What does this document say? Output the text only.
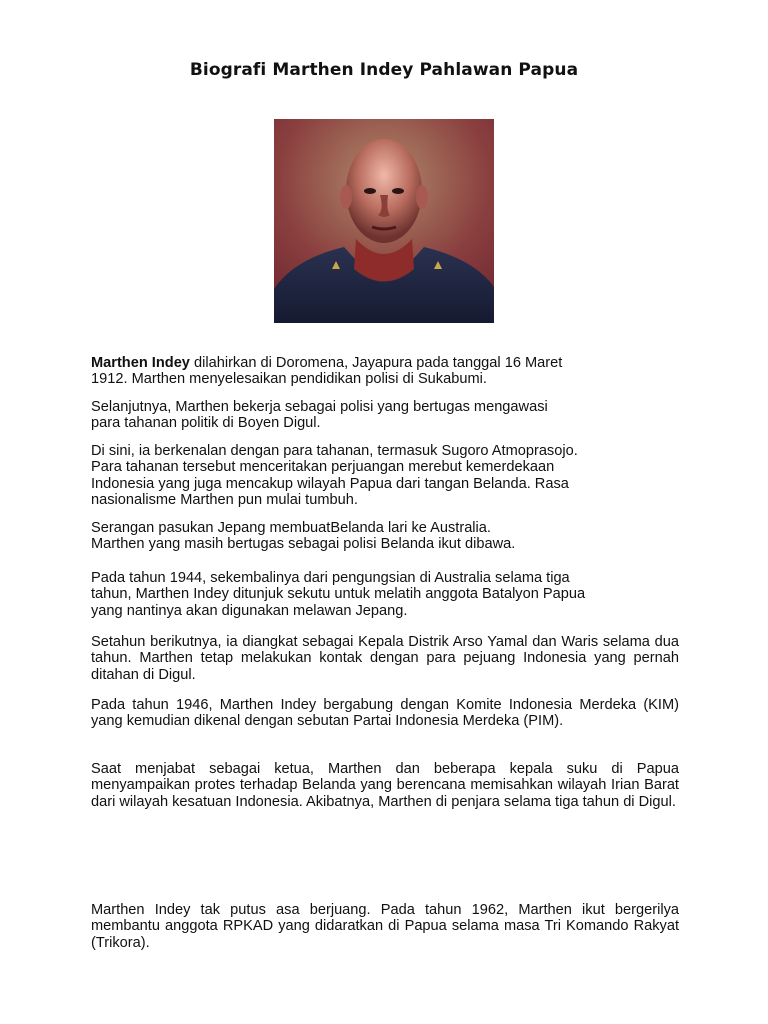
Biografi Marthen Indey Pahlawan Papua

Marthen Indey dilahirkan di Doromena, Jayapura pada tanggal 16 Maret
1912. Marthen menyelesaikan pendidikan polisi di Sukabumi.

Selanjutnya, Marthen bekerja sebagai polisi yang bertugas mengawasi
para tahanan politik di Boyen Digul.

Di sini, ia berkenalan dengan para tahanan, termasuk Sugoro Atmoprasojo.
Para tahanan tersebut menceritakan perjuangan merebut kemerdekaan
Indonesia yang juga mencakup wilayah Papua dari tangan Belanda. Rasa
nasionalisme Marthen pun mulai tumbuh.

Serangan pasukan Jepang membuatBelanda lari ke Australia.
Marthen yang masih bertugas sebagai polisi Belanda ikut dibawa.

Pada tahun 1944, sekembalinya dari pengungsian di Australia selama tiga
tahun, Marthen Indey ditunjuk sekutu untuk melatih anggota Batalyon Papua
yang nantinya akan digunakan melawan Jepang.

Setahun berikutnya, ia diangkat sebagai Kepala Distrik Arso Yamal dan Waris selama dua tahun. Marthen tetap melakukan kontak dengan para pejuang Indonesia yang pernah ditahan di Digul.

Pada tahun 1946, Marthen Indey bergabung dengan Komite Indonesia Merdeka (KIM) yang kemudian dikenal dengan sebutan Partai Indonesia Merdeka (PIM).

Saat menjabat sebagai ketua, Marthen dan beberapa kepala suku di Papua menyampaikan protes terhadap Belanda yang berencana memisahkan wilayah Irian Barat dari wilayah kesatuan Indonesia. Akibatnya, Marthen di penjara selama tiga tahun di Digul.

Marthen Indey tak putus asa berjuang. Pada tahun 1962, Marthen ikut bergerilya membantu anggota RPKAD yang didaratkan di Papua selama masa Tri Komando Rakyat (Trikora).
